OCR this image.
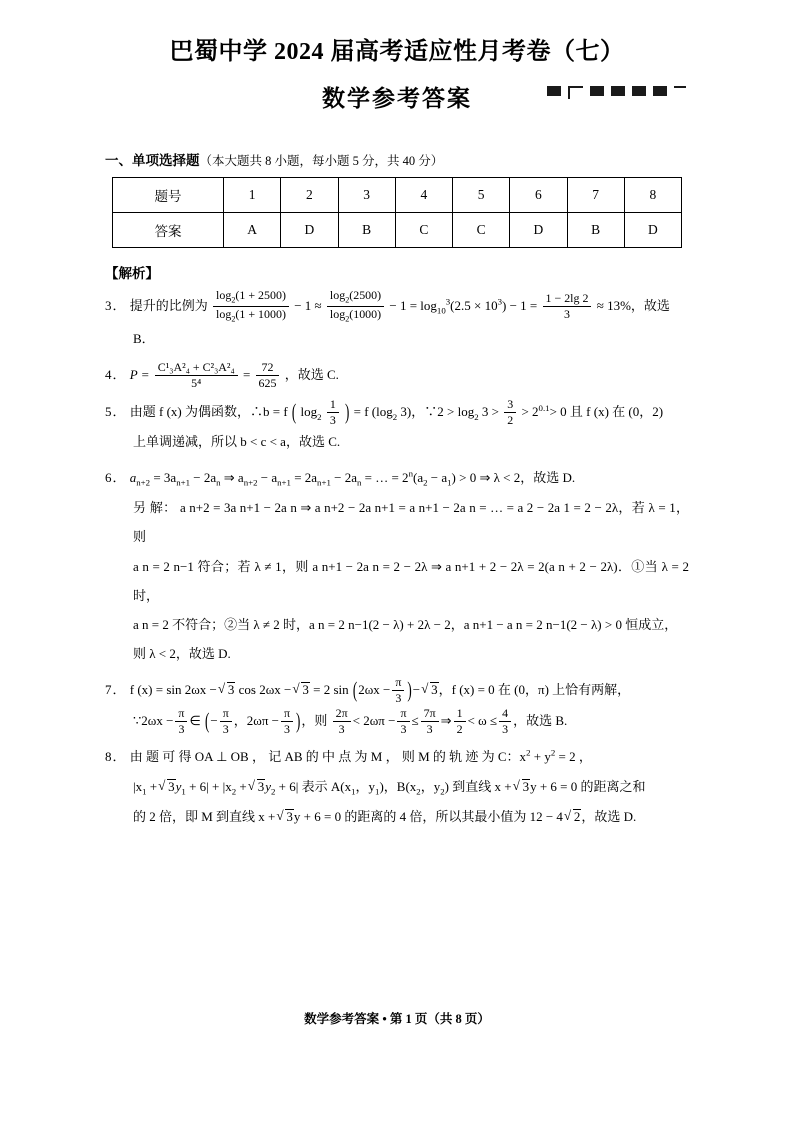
巴蜀中学 2024 届高考适应性月考卷（七）
数学参考答案
一、单项选择题（本大题共 8 小题，每小题 5 分，共 40 分）
题号	1	2	3	4	5	6	7	8
答案	A	D	B	C	C	D	B	D
【解析】
3． 提升的比例为 $\frac{\log_2(1 + 2500)}{\log_2(1 + 1000)} - 1 \approx \frac{\log_2(2500)}{\log_2(1000)} - 1 = \log_{10}^3(2.5 \times 10^3) - 1 = \frac{1 - 2\lg 2}{3} \approx 13\%$，故选
B．
4． $P = \frac{\text{C¹₃A²₄ + C²₃A²₄}}{\text{5⁴}} = \frac{72}{625}$ ，故选 C.
5． 由题 f (x) 为偶函数，∴b = f ( $\log_2 \frac{1}{3}$ ) = f ($\log_2$ 3)，∵2 > $\log_2 3 > \frac{3}{2} > 2^{0.1}> 0$ 且 f (x) 在 (0，2)
上单调递减，所以 b < c < a，故选 C.
6． $a_{n+2} = 3a_{n+1} - 2a_n$ ⇒ $a_{n+2} - a_{n+1} = 2a_{n+1} - 2a_n$ = … = $2^n(a_2 - a_1) > 0$ ⇒ λ < 2，故选 D.
另 解： a n+2 = 3a n+1 − 2a n ⇒ a n+2 − 2a n+1 = a n+1 − 2a n = … = a 2 − 2a 1 = 2 − 2λ，若 λ = 1，则
a n = 2 n−1 符合；若 λ ≠ 1，则 a n+1 − 2a n = 2 − 2λ ⇒ a n+1 + 2 − 2λ = 2(a n + 2 − 2λ)．①当 λ = 2 时，
a n = 2 不符合；②当 λ ≠ 2 时，a n = 2 n−1(2 − λ) + 2λ − 2，a n+1 − a n = 2 n−1(2 − λ) > 0 恒成立，
则 λ < 2，故选 D.
7． f (x) = sin 2ωx − √ 3 cos 2ωx − √ 3 = 2 $\sin (2\omega x - \frac{\pi}{3}$ )− √ 3，f (x) = 0 在 (0，π) 上恰有两解，
∵2ωx − $\frac{\pi}{3}$ ∈ (− $\frac{\pi}{3}$ ，$2\omega\pi - \frac{\pi}{3}$ )，则 $\frac{2\pi}{3} < 2\omega\pi - \frac{\pi}{3} \le \frac{7\pi}{3}$ ⇒ $\frac{1}{2} < \omega \le \frac{4}{3}$ ，故选 B.
8． 由 题 可 得 OA ⊥ OB ， 记 AB 的 中 点 为 M ， 则 M 的 轨 迹 为 C：$x^2 + y^2 = 2$ ，
$|x_1$ + √ $3y_1 + 6| + |x_2$ + √ $3y_2 + 6|$ 表示 $A(x_1$，$y_1$)，$B(x_2$，$y_2$) 到直线 x + √ 3y + 6 = 0 的距离之和
的 2 倍，即 M 到直线 x + √ 3y + 6 = 0 的距离的 4 倍，所以其最小值为 12 − 4 √ 2，故选 D.
数学参考答案 • 第 1 页（共 8 页）
